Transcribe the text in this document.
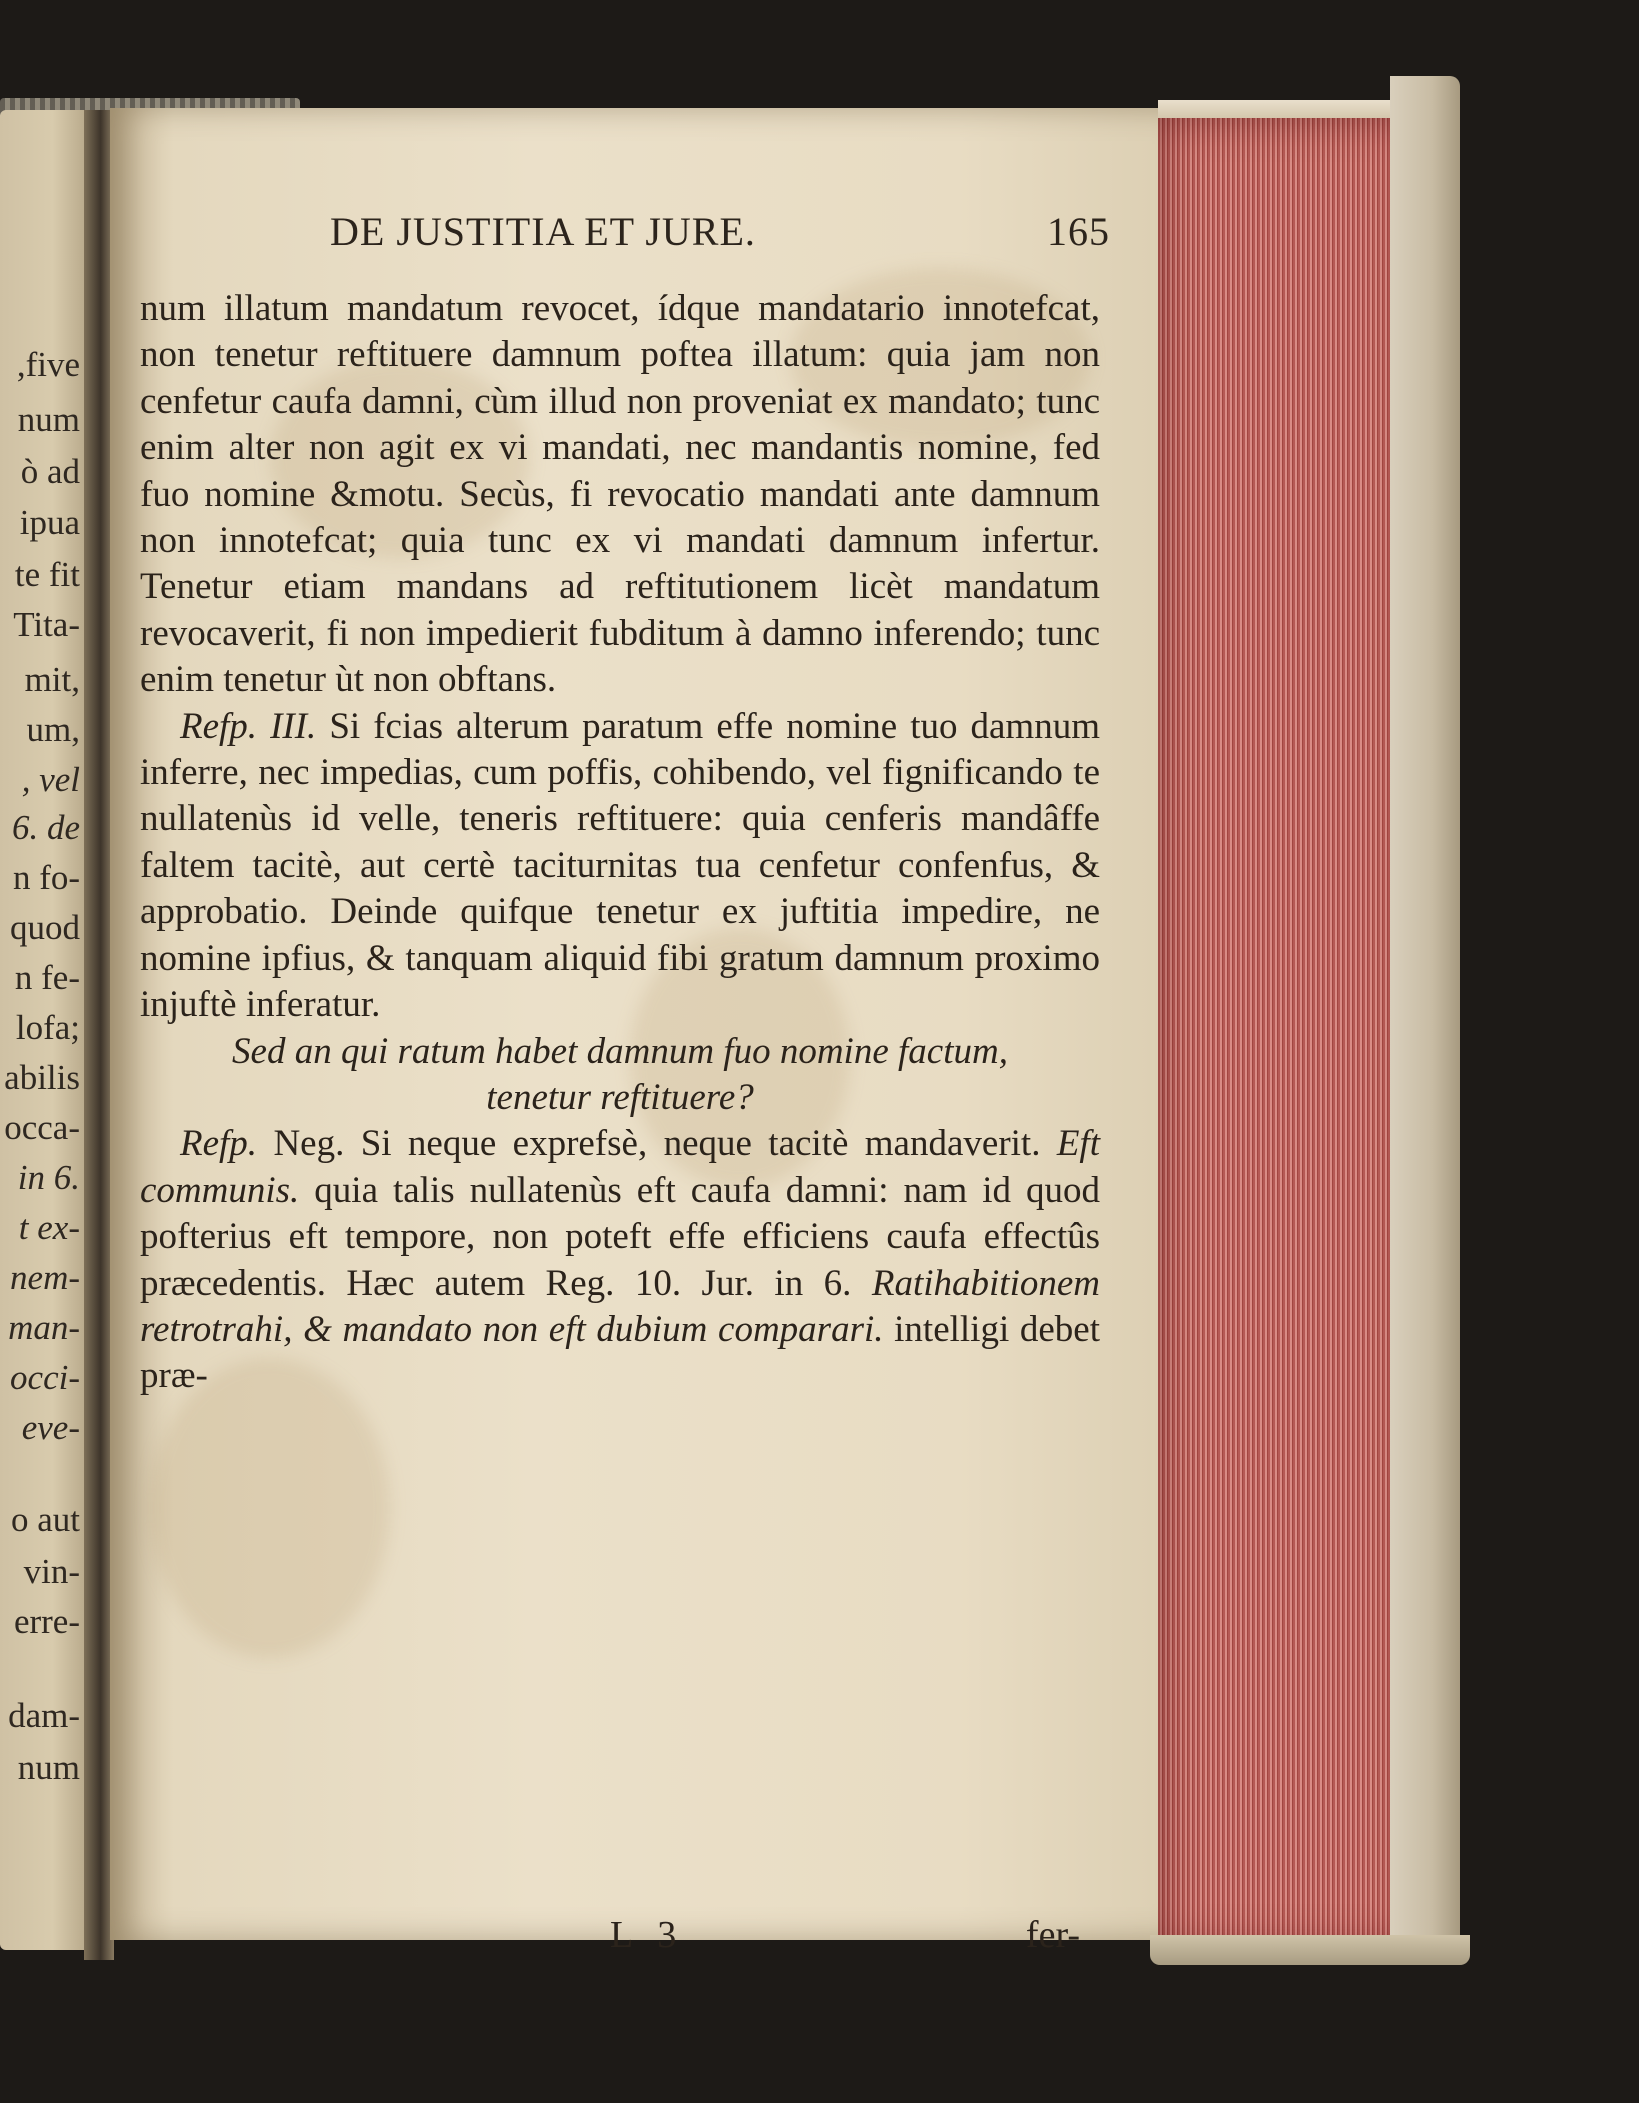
,five
num
ò ad
ipua
te fit
Tita-
mit,
um,
, vel
6. de
n fo-
quod
n fe-
lofa;
abilis
occa-
in 6.
t ex-
nem-
man-
occi-
eve-
o aut
vin-
erre-
dam-
num
DE JUSTITIA ET JURE.	165

num illatum mandatum revocet, ídque mandatario innotefcat, non tenetur reftituere damnum poftea illatum: quia jam non cenfetur caufa damni, cùm illud non proveniat ex mandato; tunc enim alter non agit ex vi mandati, nec mandantis nomine, fed fuo nomine &motu. Secùs, fi revocatio mandati ante damnum non innotefcat; quia tunc ex vi mandati damnum infertur. Tenetur etiam mandans ad reftitutionem licèt mandatum revocaverit, fi non impedierit fubditum à damno inferendo; tunc enim tenetur ùt non obftans.

Refp. III. Si fcias alterum paratum effe nomine tuo damnum inferre, nec impedias, cum poffis, cohibendo, vel fignificando te nullatenùs id velle, teneris reftituere: quia cenferis mandâffe faltem tacitè, aut certè taciturnitas tua cenfetur confenfus, & approbatio. Deinde quifque tenetur ex juftitia impedire, ne nomine ipfius, & tanquam aliquid fibi gratum damnum proximo injuftè inferatur.

Sed an qui ratum habet damnum fuo nomine factum, tenetur reftituere?

Refp. Neg. Si neque exprefsè, neque tacitè mandaverit. Eft communis. quia talis nullatenùs eft caufa damni: nam id quod pofterius eft tempore, non poteft effe efficiens caufa effectûs præcedentis. Hæc autem Reg. 10. Jur. in 6. Ratihabitionem retrotrahi, & mandato non eft dubium comparari. intelligi debet præ-

L 3	fer-
